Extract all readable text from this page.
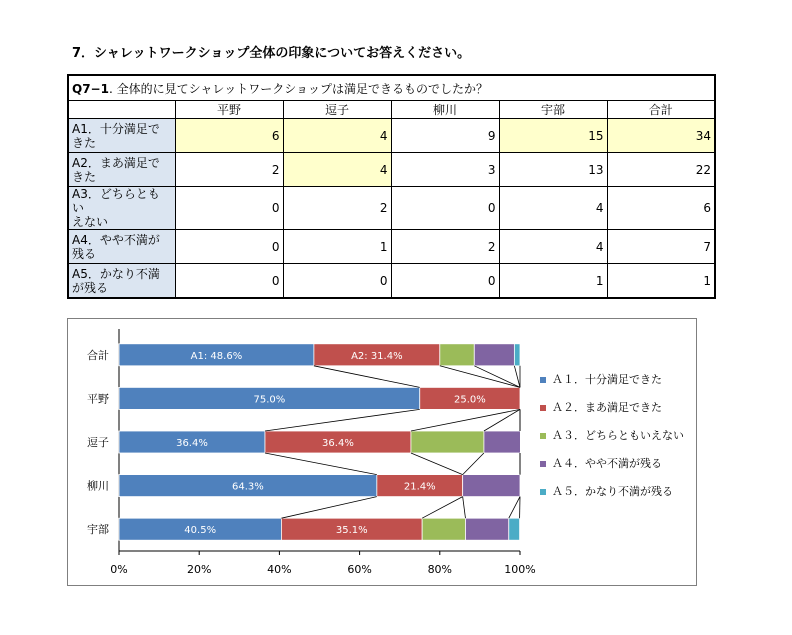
7．シャレットワークショップ全体の印象についてお答えください。
Q7−1. 全体的に見てシャレットワークショップは満足できるものでしたか？					
	平野	逗子	柳川	宇部	合計
A1．十分満足で
きた	6	4	9	15	34
A2．まあ満足で
きた	2	4	3	13	22
A3．どちらともい
えない	0	2	0	4	6
A4．やや不満が
残る	0	1	2	4	7
A5．かなり不満
が残る	0	0	0	1	1
0%	20%	40%	60%	80%	100%
合計	A1: 48.6%	A2: 31.4%
平野	75.0%	25.0%
逗子	36.4%	36.4%
柳川	64.3%	21.4%
宇部	40.5%	35.1%
Ａ１．十分満足できた
Ａ２．まあ満足できた
Ａ３．どちらともいえない
Ａ４．やや不満が残る
Ａ５．かなり不満が残る
